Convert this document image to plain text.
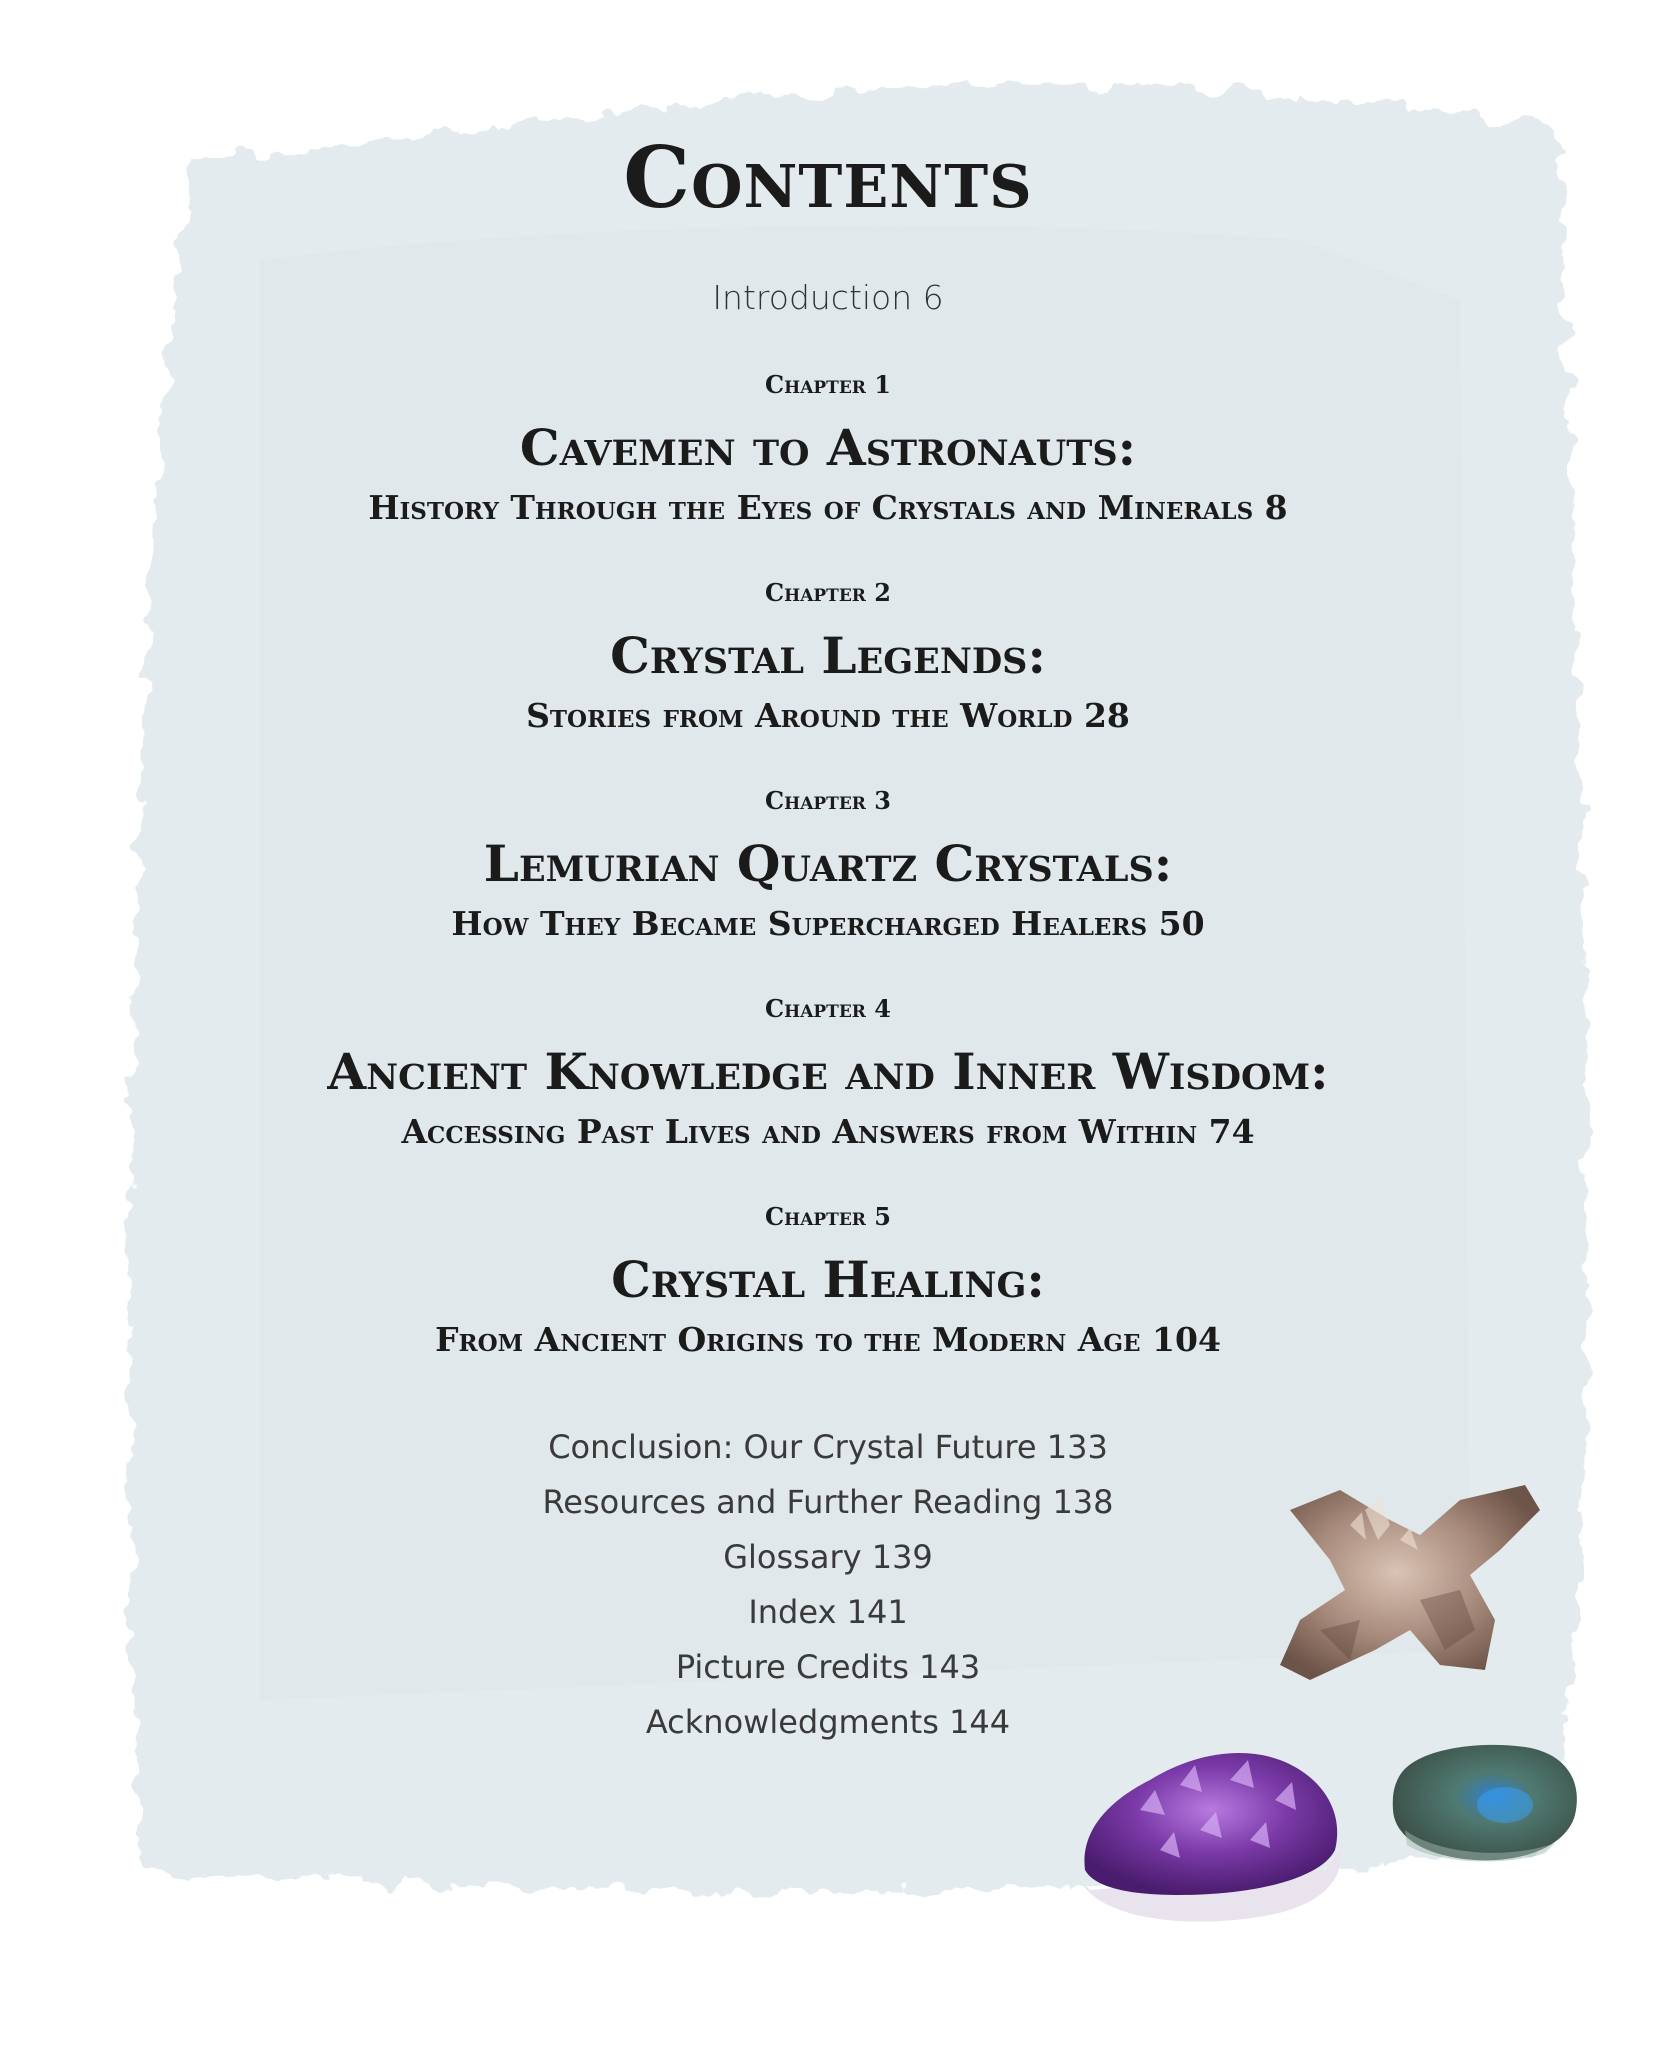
Contents
Introduction 6
Chapter 1
Cavemen to Astronauts:
History Through the Eyes of Crystals and Minerals 8
Chapter 2
Crystal Legends:
Stories from Around the World 28
Chapter 3
Lemurian Quartz Crystals:
How They Became Supercharged Healers 50
Chapter 4
Ancient Knowledge and Inner Wisdom:
Accessing Past Lives and Answers from Within 74
Chapter 5
Crystal Healing:
From Ancient Origins to the Modern Age 104
Conclusion: Our Crystal Future 133
Resources and Further Reading 138
Glossary 139
Index 141
Picture Credits 143
Acknowledgments 144
